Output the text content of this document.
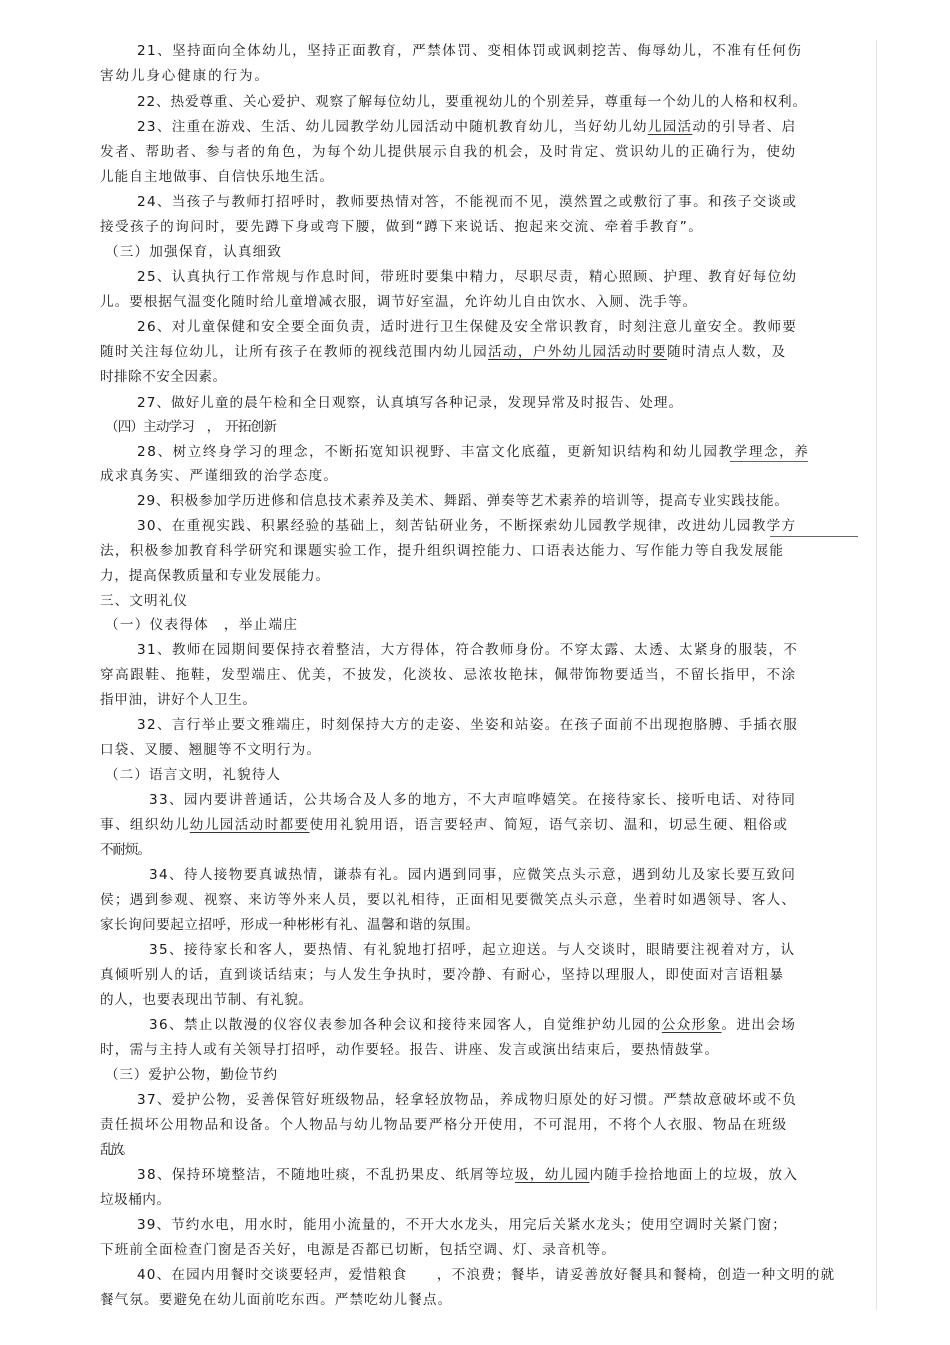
21、坚持面向全体幼儿，坚持正面教育，严禁体罚、变相体罚或讽刺挖苦、侮辱幼儿，不准有任何伤
害幼儿身心健康的行为。
22、热爱尊重、关心爱护、观察了解每位幼儿，要重视幼儿的个别差异，尊重每一个幼儿的人格和权利。
23、注重在游戏、生活、幼儿园教学幼儿园活动中随机教育幼儿，当好幼儿幼儿园活动的引导者、启
发者、帮助者、参与者的角色，为每个幼儿提供展示自我的机会，及时肯定、赏识幼儿的正确行为，使幼
儿能自主地做事、自信快乐地生活。
24、当孩子与教师打招呼时，教师要热情对答，不能视而不见，漠然置之或敷衍了事。和孩子交谈或
接受孩子的询问时，要先蹲下身或弯下腰，做到“蹲下来说话、抱起来交流、牵着手教育”。
（三）加强保育，认真细致
25、认真执行工作常规与作息时间，带班时要集中精力，尽职尽责，精心照顾、护理、教育好每位幼
儿。要根据气温变化随时给儿童增减衣服，调节好室温，允许幼儿自由饮水、入厕、洗手等。
26、对儿童保健和安全要全面负责，适时进行卫生保健及安全常识教育，时刻注意儿童安全。教师要
随时关注每位幼儿，让所有孩子在教师的视线范围内幼儿园活动，户外幼儿园活动时要随时清点人数，及
时排除不安全因素。
27、做好儿童的晨午检和全日观察，认真填写各种记录，发现异常及时报告、处理。
（四）主动学习　，　开拓创新
28、树立终身学习的理念，不断拓宽知识视野、丰富文化底蕴，更新知识结构和幼儿园教学理念，养
成求真务实、严谨细致的治学态度。
29、积极参加学历进修和信息技术素养及美术、舞蹈、弹奏等艺术素养的培训等，提高专业实践技能。
30、在重视实践、积累经验的基础上，刻苦钻研业务，不断探索幼儿园教学规律，改进幼儿园教学方
法，积极参加教育科学研究和课题实验工作，提升组织调控能力、口语表达能力、写作能力等自我发展能
力，提高保教质量和专业发展能力。
三、文明礼仪
（一）仪表得体　，举止端庄
31、教师在园期间要保持衣着整洁，大方得体，符合教师身份。不穿太露、太透、太紧身的服装，不
穿高跟鞋、拖鞋，发型端庄、优美，不披发，化淡妆、忌浓妆艳抹，佩带饰物要适当，不留长指甲，不涂
指甲油，讲好个人卫生。
32、言行举止要文雅端庄，时刻保持大方的走姿、坐姿和站姿。在孩子面前不出现抱胳膊、手插衣服
口袋、叉腰、翘腿等不文明行为。
（二）语言文明，礼貌待人
33、园内要讲普通话，公共场合及人多的地方，不大声喧哗嬉笑。在接待家长、接听电话、对待同
事、组织幼儿幼儿园活动时都要使用礼貌用语，语言要轻声、简短，语气亲切、温和，切忌生硬、粗俗或
不耐烦。
34、待人接物要真诚热情，谦恭有礼。园内遇到同事，应微笑点头示意，遇到幼儿及家长要互致问
侯；遇到参观、视察、来访等外来人员，要以礼相待，正面相见要微笑点头示意，坐着时如遇领导、客人、
家长询问要起立招呼，形成一种彬彬有礼、温馨和谐的氛围。
35、接待家长和客人，要热情、有礼貌地打招呼，起立迎送。与人交谈时，眼睛要注视着对方，认
真倾听别人的话，直到谈话结束；与人发生争执时，要冷静、有耐心，坚持以理服人，即使面对言语粗暴
的人，也要表现出节制、有礼貌。
36、禁止以散漫的仪容仪表参加各种会议和接待来园客人，自觉维护幼儿园的公众形象。进出会场
时，需与主持人或有关领导打招呼，动作要轻。报告、讲座、发言或演出结束后，要热情鼓掌。
（三）爱护公物，勤俭节约
37、爱护公物，妥善保管好班级物品，轻拿轻放物品，养成物归原处的好习惯。严禁故意破坏或不负
责任损坏公用物品和设备。个人物品与幼儿物品要严格分开使用，不可混用，不将个人衣服、物品在班级
乱放。
38、保持环境整洁，不随地吐痰，不乱扔果皮、纸屑等垃圾，幼儿园内随手捡拾地面上的垃圾，放入
垃圾桶内。
39、节约水电，用水时，能用小流量的，不开大水龙头，用完后关紧水龙头；使用空调时关紧门窗；
下班前全面检查门窗是否关好，电源是否都已切断，包括空调、灯、录音机等。
40、在园内用餐时交谈要轻声，爱惜粮食　　，不浪费；餐毕，请妥善放好餐具和餐椅，创造一种文明的就
餐气氛。要避免在幼儿面前吃东西。严禁吃幼儿餐点。
